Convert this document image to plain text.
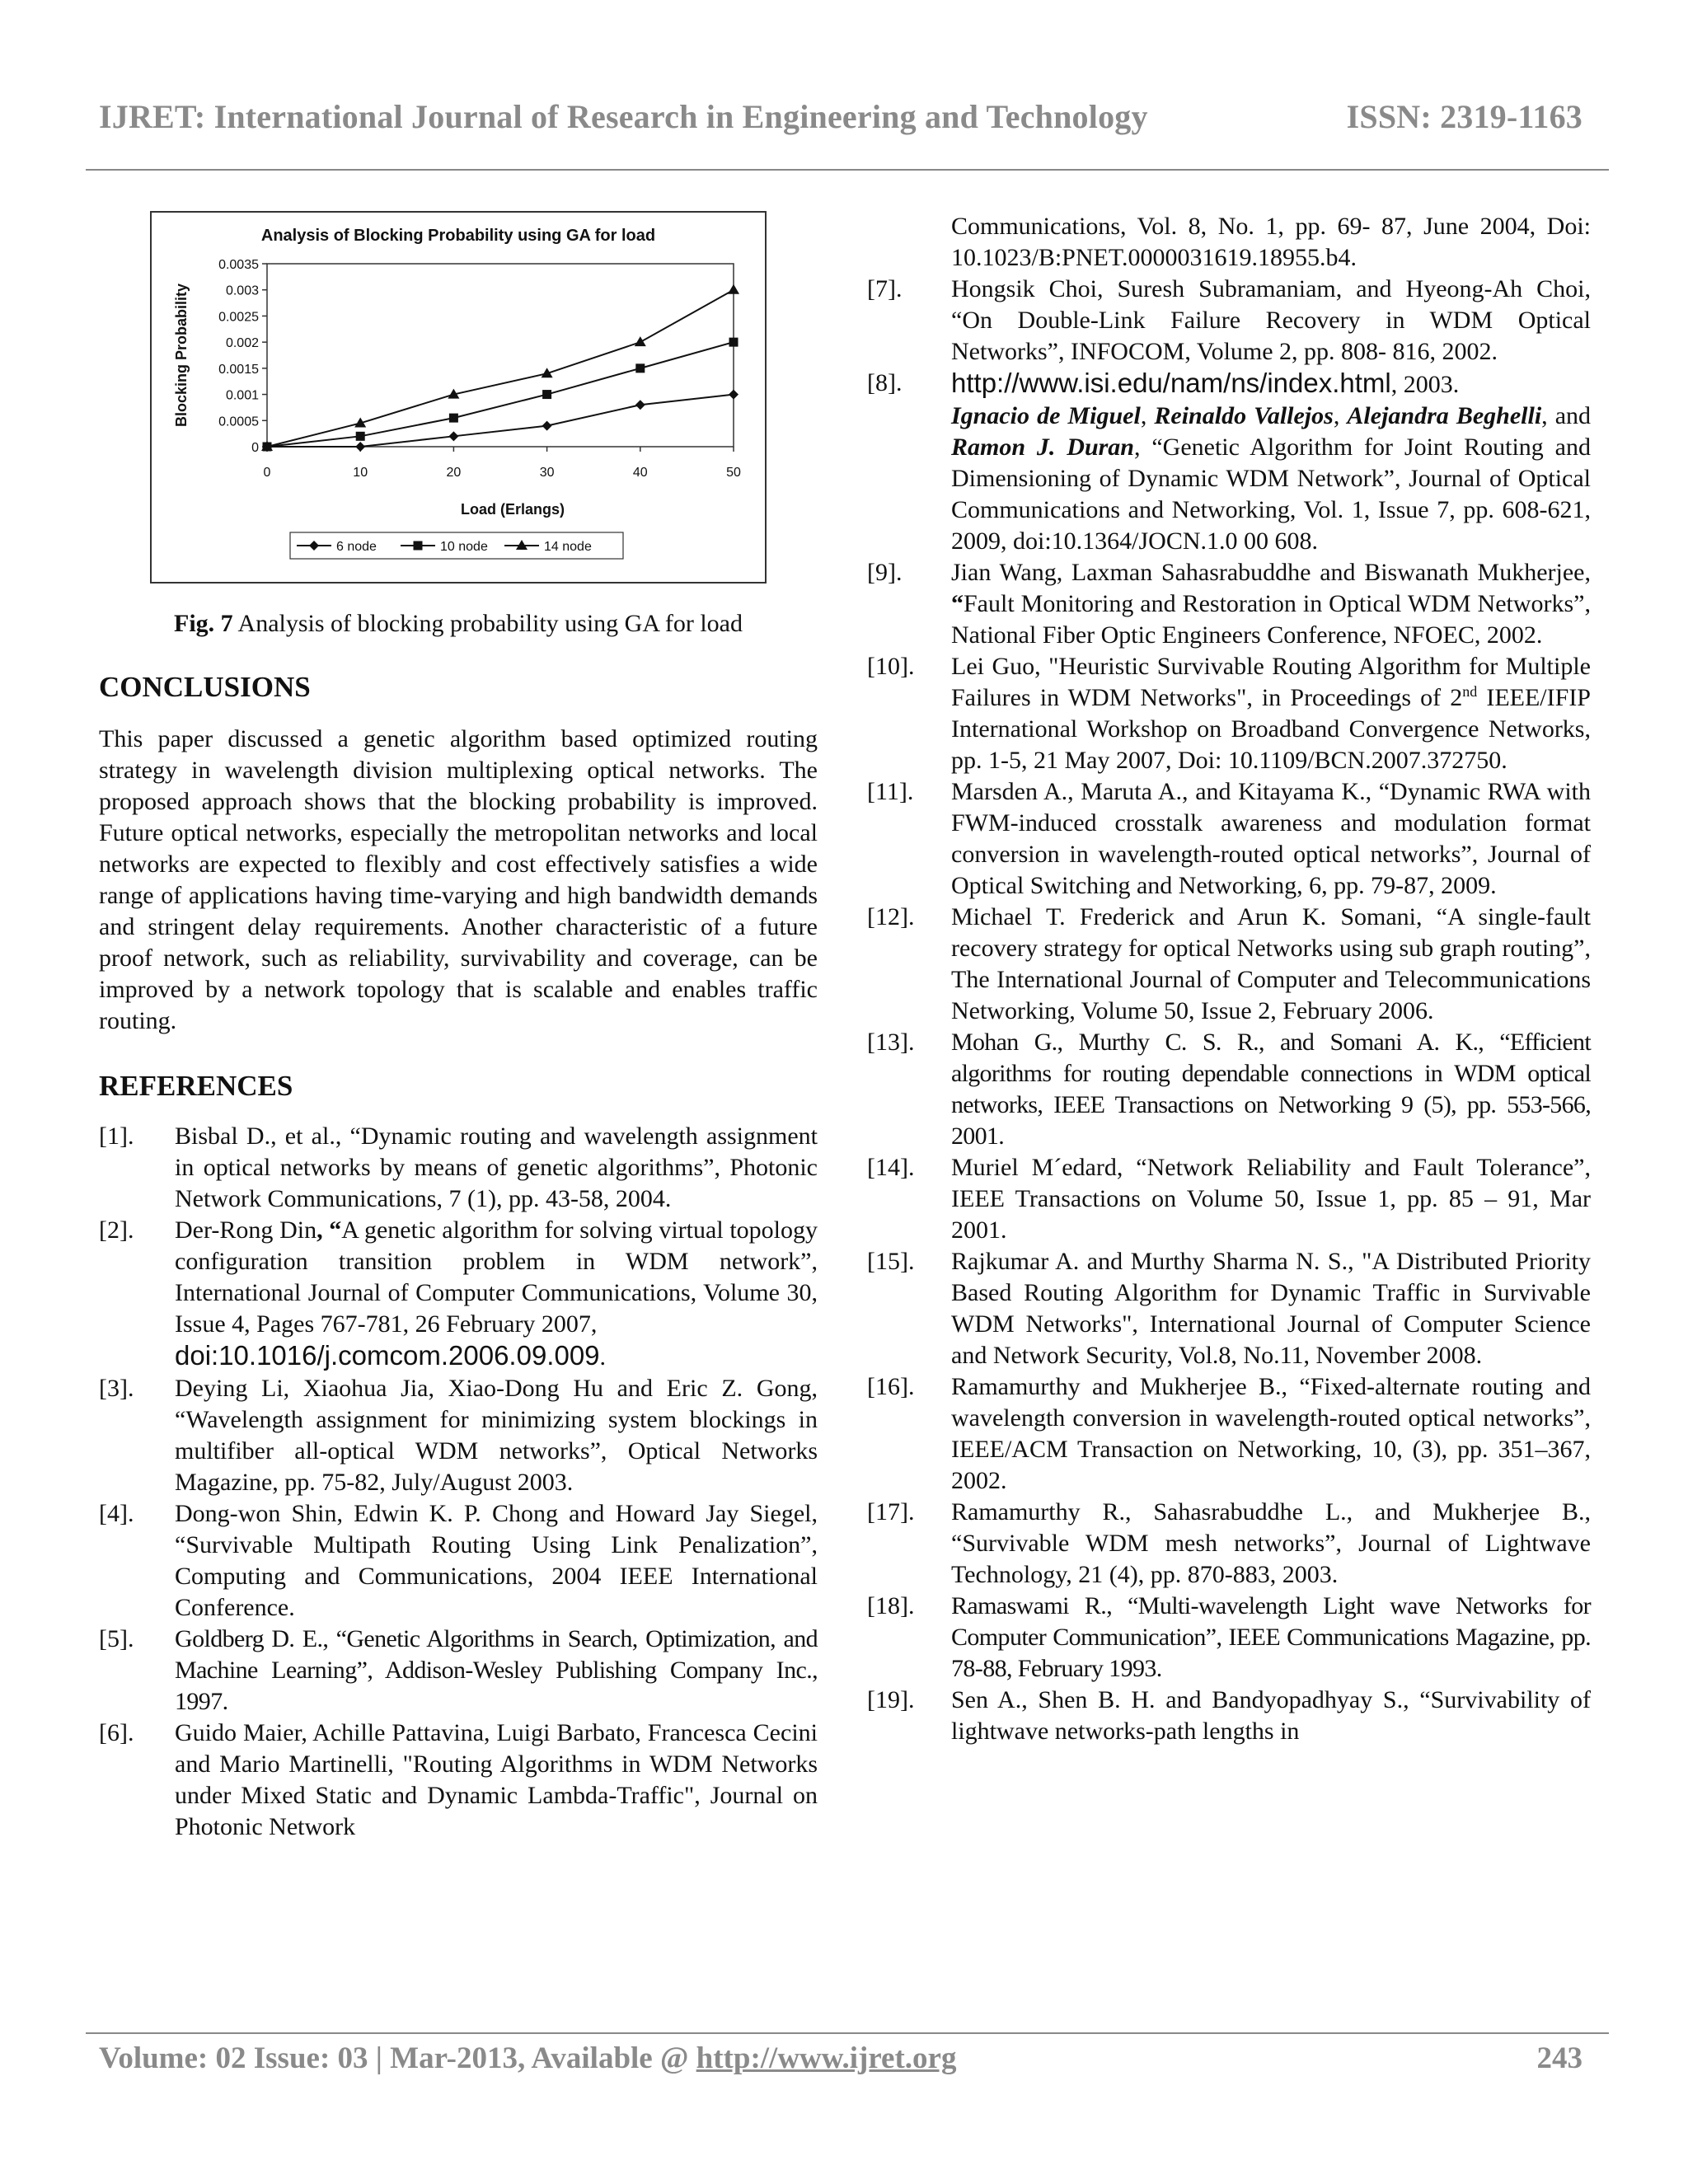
IJRET: International Journal of Research in Engineering and Technology	ISSN: 2319-1163
Analysis of Blocking Probability using GA for load
Blocking Probability
Load (Erlangs)
0
0.0005
0.001
0.0015
0.002
0.0025
0.003
0.0035
0	10	20	30	40	50
6 node	10 node	14 node
Fig. 7 Analysis of blocking probability using GA for load
CONCLUSIONS

This paper discussed a genetic algorithm based optimized routing strategy in wavelength division multiplexing optical networks. The proposed approach shows that the blocking probability is improved. Future optical networks, especially the metropolitan networks and local networks are expected to flexibly and cost effectively satisfies a wide range of applications having time-varying and high bandwidth demands and stringent delay requirements. Another characteristic of a future proof network, such as reliability, survivability and coverage, can be improved by a network topology that is scalable and enables traffic routing.

REFERENCES
[1].	Bisbal D., et al., “Dynamic routing and wavelength assignment in optical networks by means of genetic algorithms”, Photonic Network Communications, 7 (1), pp. 43-58, 2004.
[2].	Der-Rong Din, “A genetic algorithm for solving virtual topology configuration transition problem in WDM network”, International Journal of Computer Communications, Volume 30, Issue 4, Pages 767-781, 26 February 2007,
doi:10.1016/j.comcom.2006.09.009.
[3].	Deying Li, Xiaohua Jia, Xiao-Dong Hu and Eric Z. Gong, “Wavelength assignment for minimizing system blockings in multifiber all-optical WDM networks”, Optical Networks Magazine, pp. 75-82, July/August 2003.
[4].	Dong-won Shin, Edwin K. P. Chong and Howard Jay Siegel, “Survivable Multipath Routing Using Link Penalization”, Computing and Communications, 2004 IEEE International Conference.
[5].	Goldberg D. E., “Genetic Algorithms in Search, Optimization, and Machine Learning”, Addison-Wesley Publishing Company Inc., 1997.
[6].	Guido Maier, Achille Pattavina, Luigi Barbato, Francesca Cecini and Mario Martinelli, "Routing Algorithms in WDM Networks under Mixed Static and Dynamic Lambda-Traffic", Journal on Photonic Network
Communications, Vol. 8, No. 1, pp. 69- 87, June 2004, Doi: 10.1023/B:PNET.0000031619.18955.b4.
[7].	Hongsik Choi, Suresh Subramaniam, and Hyeong-Ah Choi, “On Double-Link Failure Recovery in WDM Optical Networks”, INFOCOM, Volume 2, pp. 808- 816, 2002.
[8].	http://www.isi.edu/nam/ns/index.html, 2003.
Ignacio de Miguel, Reinaldo Vallejos, Alejandra Beghelli, and Ramon J. Duran, “Genetic Algorithm for Joint Routing and Dimensioning of Dynamic WDM Network”, Journal of Optical Communications and Networking, Vol. 1, Issue 7, pp. 608-621, 2009, doi:10.1364/JOCN.1.0 00 608.
[9].	Jian Wang, Laxman Sahasrabuddhe and Biswanath Mukherjee, “Fault Monitoring and Restoration in Optical WDM Networks”, National Fiber Optic Engineers Conference, NFOEC, 2002.
[10].	Lei Guo, "Heuristic Survivable Routing Algorithm for Multiple Failures in WDM Networks", in Proceedings of 2nd IEEE/IFIP International Workshop on Broadband Convergence Networks, pp. 1-5, 21 May 2007, Doi: 10.1109/BCN.2007.372750.
[11].	Marsden A., Maruta A., and Kitayama K., “Dynamic RWA with FWM-induced crosstalk awareness and modulation format conversion in wavelength-routed optical networks”, Journal of Optical Switching and Networking, 6, pp. 79-87, 2009.
[12].	Michael T. Frederick and Arun K. Somani, “A single-fault recovery strategy for optical Networks using sub graph routing”, The International Journal of Computer and Telecommunications Networking, Volume 50, Issue 2, February 2006.
[13].	Mohan G., Murthy C. S. R., and Somani A. K., “Efficient algorithms for routing dependable connections in WDM optical networks, IEEE Transactions on Networking 9 (5), pp. 553-566, 2001.
[14].	Muriel M´edard, “Network Reliability and Fault Tolerance”, IEEE Transactions on Volume 50, Issue 1, pp. 85 – 91, Mar 2001.
[15].	Rajkumar A. and Murthy Sharma N. S., "A Distributed Priority Based Routing Algorithm for Dynamic Traffic in Survivable WDM Networks", International Journal of Computer Science and Network Security, Vol.8, No.11, November 2008.
[16].	Ramamurthy and Mukherjee B., “Fixed-alternate routing and wavelength conversion in wavelength-routed optical networks”, IEEE/ACM Transaction on Networking, 10, (3), pp. 351–367, 2002.
[17].	Ramamurthy R., Sahasrabuddhe L., and Mukherjee B., “Survivable WDM mesh networks”, Journal of Lightwave Technology, 21 (4), pp. 870-883, 2003.
[18].	Ramaswami R., “Multi-wavelength Light wave Networks for Computer Communication”, IEEE Communications Magazine, pp. 78-88, February 1993.
[19].	Sen A., Shen B. H. and Bandyopadhyay S., “Survivability of lightwave networks-path lengths in
Volume: 02 Issue: 03 | Mar-2013, Available @ http://www.ijret.org	243
